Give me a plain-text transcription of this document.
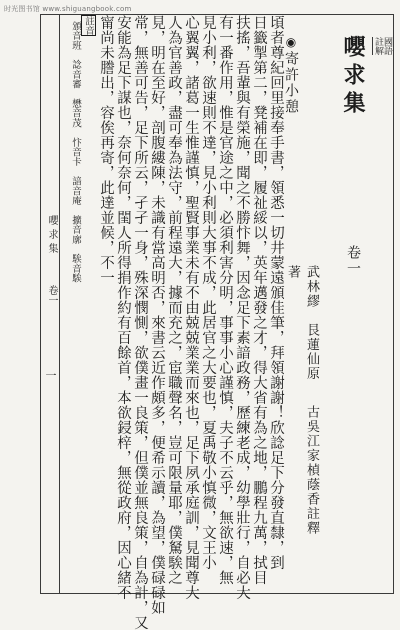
时光图书馆 www.shiguangbook.com
國語註解
嚶求集
卷一
武林繆　艮蓮仙原著
古吳江家楨蔭香註釋
◉寄許小憩
頃者尊紀回里接奉手書，領悉一切井蒙遠頒佳筆，拜領謝謝！欣諗足下分發直隸，到
日籤掣第二，凳補在即，履祉綏以，英年邁發之才，得大省有為之地，鵬程九萬，拭目
扶搖，吾輩與有榮施，聞之不勝忭舞，因念足下素諳政務，歷練老成，幼學壯行，自必大
有一番作用，惟是官途之中，必須利害分明，事事小心謹慎，夫子不云乎，無欲速，無
見小利，欲速則不達，見小利則大事不成，此居官之大要也，夏禹敬小慎微，文王小
心翼翼，諸葛一生惟謹慎，聖賢事業未有不由兢兢業業而來也，足下夙承庭訓，見聞尊大
人為官善政，盡可奉為法守，前程遠大，據而充之，宦職聲名，豈可限量耶，僕駑騃之
見，明在至好，剖腹縷陳，未識有當高明否，來書云近作頗多，便希示讀，為望，僕碌碌如
常，無善可告，足下所云，孑孑一身，殊深憫惻，欲僕畫一良策，但僕並無良策，自為計，又
安能為足下謀也，奈何奈何，閨人所得捐作約有百餘首，本欲鋟梓，無從政府，因心緒不
甯尚未謄出，容俟再寄，此達並候，不一
註音
頒音班　諗音審　懋音茂　忭音卡　諳音庵　擴音廓　騃音騃
嚶求集
卷一
一
